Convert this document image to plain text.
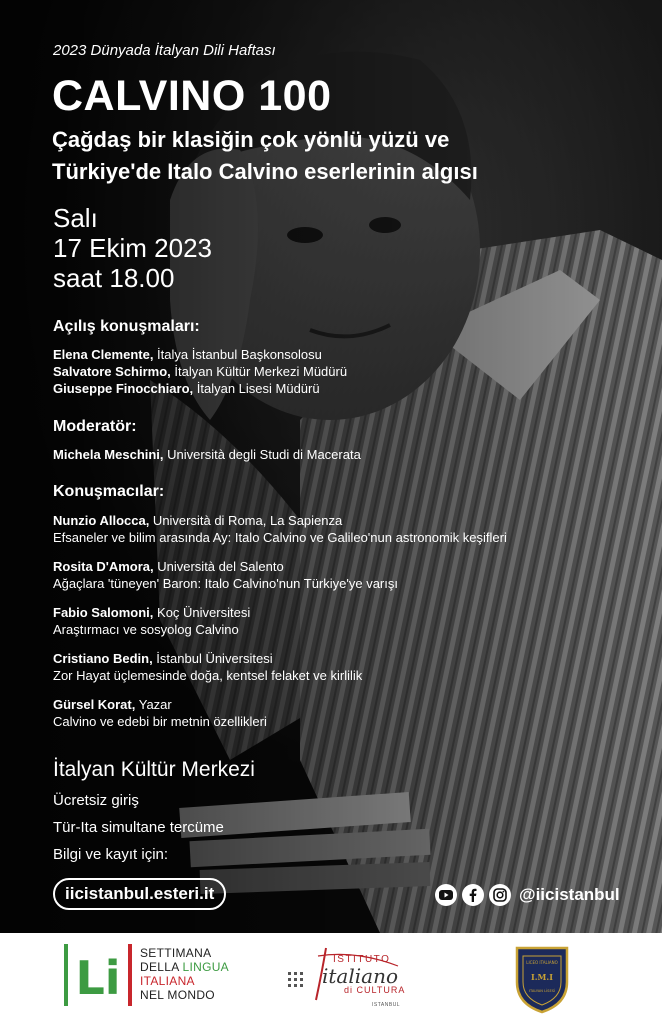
2023 Dünyada İtalyan Dili Haftası
CALVINO 100
Çağdaş bir klasiğin çok yönlü yüzü ve
Türkiye'de Italo Calvino eserlerinin algısı
Salı
17 Ekim 2023
saat 18.00
Açılış konuşmaları:
Elena Clemente, İtalya İstanbul Başkonsolosu
Salvatore Schirmo, İtalyan Kültür Merkezi Müdürü
Giuseppe Finocchiaro, İtalyan Lisesi Müdürü
Moderatör:
Michela Meschini, Università degli Studi di Macerata
Konuşmacılar:
Nunzio Allocca, Università di Roma, La Sapienza
Efsaneler ve bilim arasında Ay: Italo Calvino ve Galileo'nun astronomik keşifleri
Rosita D'Amora, Università del Salento
Ağaçlara 'tüneyen' Baron: Italo Calvino'nun Türkiye'ye varışı
Fabio Salomoni, Koç Üniversitesi
Araştırmacı ve sosyolog Calvino
Cristiano Bedin, İstanbul Üniversitesi
Zor Hayat üçlemesinde doğa, kentsel felaket ve kirlilik
Gürsel Korat, Yazar
Calvino ve edebi bir metnin özellikleri
İtalyan Kültür Merkezi
Ücretsiz giriş
Tür-Ita simultane tercüme
Bilgi ve kayıt için:
iicistanbul.esteri.it	@iicistanbul
Li SETTIMANA
DELLA LINGUA
ITALIANA
NEL MONDO
ISTITUTO
italiano
di CULTURA
ISTANBUL
LICEO ITALIANO
I.M.I
ITALYAN LİSESİ
